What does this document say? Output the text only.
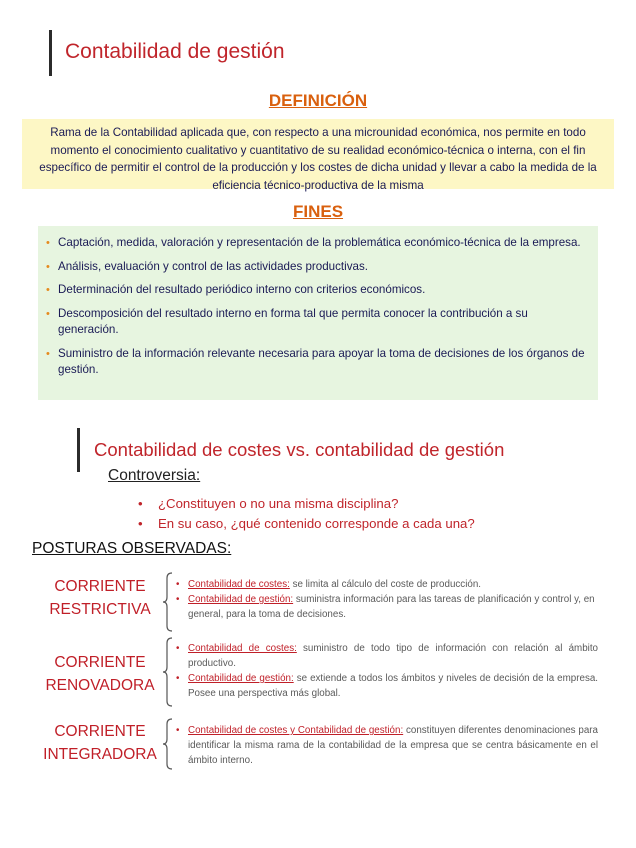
Contabilidad de gestión
DEFINICIÓN
Rama de la Contabilidad aplicada que, con respecto a una microunidad económica, nos permite en todo momento el conocimiento cualitativo y cuantitativo de su realidad económico-técnica o interna, con el fin específico de permitir el control de la producción y los costes de dicha unidad y llevar a cabo la medida de la eficiencia técnico-productiva de la misma
FINES
• Captación, medida, valoración y representación de la problemática económico-técnica de la empresa.
• Análisis, evaluación y control de las actividades productivas.
• Determinación del resultado periódico interno con criterios económicos.
• Descomposición del resultado interno en forma tal que permita conocer la contribución a su generación.
• Suministro de la información relevante necesaria para apoyar la toma de decisiones de los órganos de gestión.
Contabilidad de costes vs. contabilidad de gestión
Controversia:
• ¿Constituyen o no una misma disciplina?
• En su caso, ¿qué contenido corresponde a cada una?
POSTURAS OBSERVADAS:
CORRIENTE
RESTRICTIVA
• Contabilidad de costes: se limita al cálculo del coste de producción.
• Contabilidad de gestión: suministra información para las tareas de planificación y control y, en general, para la toma de decisiones.
CORRIENTE
RENOVADORA
• Contabilidad de costes: suministro de todo tipo de información con relación al ámbito productivo.
• Contabilidad de gestión: se extiende a todos los ámbitos y niveles de decisión de la empresa. Posee una perspectiva más global.
CORRIENTE
INTEGRADORA
• Contabilidad de costes y Contabilidad de gestión: constituyen diferentes denominaciones para identificar la misma rama de la contabilidad de la empresa que se centra básicamente en el ámbito interno.
